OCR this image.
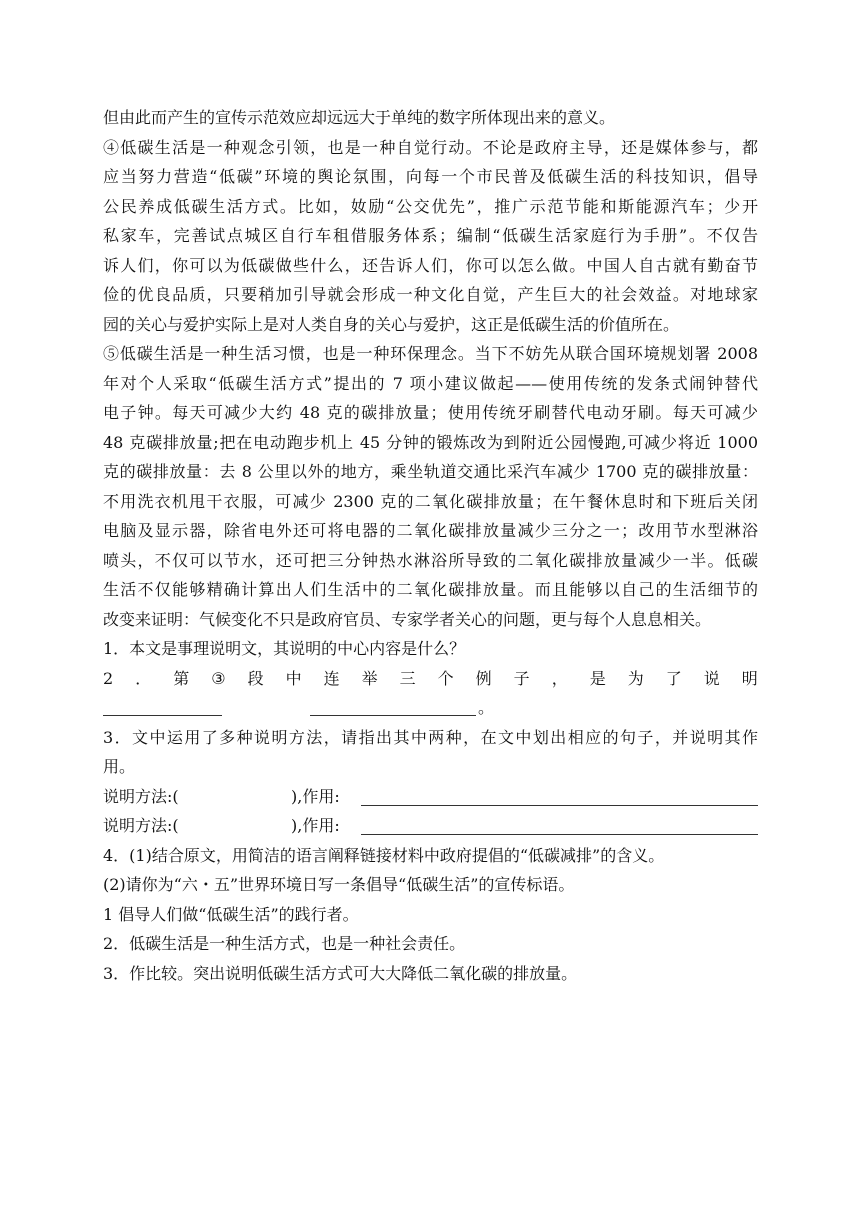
但由此而产生的宣传示范效应却远远大于单纯的数字所体现出来的意义。
④低碳生活是一种观念引领，也是一种自觉行动。不论是政府主导，还是媒体参与，都
应当努力营造“低碳”环境的舆论氛围，向每一个市民普及低碳生活的科技知识，倡导
公民养成低碳生活方式。比如，奻励“公交优先”，推广示范节能和斯能源汽车；少开
私家车，完善试点城区自行车租借服务体系；编制“低碳生活家庭行为手册”。不仅告
诉人们，你可以为低碳做些什么，还告诉人们，你可以怎么做。中国人自古就有勤奋节
俭的优良品质，只要稍加引导就会形成一种文化自觉，产生巨大的社会效益。对地球家
园的关心与爱护实际上是对人类自身的关心与爱护，这正是低碳生活的价值所在。
⑤低碳生活是一种生活习惯，也是一种环保理念。当下不妨先从联合国环境规划署 2008
年对个人采取“低碳生活方式”提出的 7 项小建议做起——使用传统的发条式闹钟替代
电子钟。每天可减少大约 48 克的碳排放量；使用传统牙刷替代电动牙刷。每天可减少
48 克碳排放量;把在电动跑步机上 45 分钟的锻炼改为到附近公园慢跑,可减少将近 1000
克的碳排放量：去 8 公里以外的地方，乘坐轨道交通比采汽车减少 1700 克的碳排放量：
不用洗衣机甩干衣服，可减少 2300 克的二氧化碳排放量；在午餐休息时和下班后关闭
电脑及显示器，除省电外还可将电器的二氧化碳排放量减少三分之一；改用节水型淋浴
喷头，不仅可以节水，还可把三分钟热水淋浴所导致的二氧化碳排放量减少一半。低碳
生活不仅能够精确计算出人们生活中的二氧化碳排放量。而且能够以自己的生活细节的
改变来证明：气候变化不只是政府官员、专家学者关心的问题，更与每个人息息相关。
1．本文是事理说明文，其说明的中心内容是什么？
2 ． 第 ③ 段 中 连 举 三 个 例 子 ， 是 为 了 说 明
。
3．文中运用了多种说明方法，请指出其中两种，在文中划出相应的句子，并说明其作
用。
说明方法:(	),作用:
说明方法:(	),作用:
4．(1)结合原文，用简洁的语言阐释链接材料中政府提倡的“低碳减排”的含义。
(2)请你为“六・五”世界环境日写一条倡导“低碳生活”的宣传标语。
1 倡导人们做“低碳生活”的践行者。
2．低碳生活是一种生活方式，也是一种社会责任。
3．作比较。突出说明低碳生活方式可大大降低二氧化碳的排放量。
